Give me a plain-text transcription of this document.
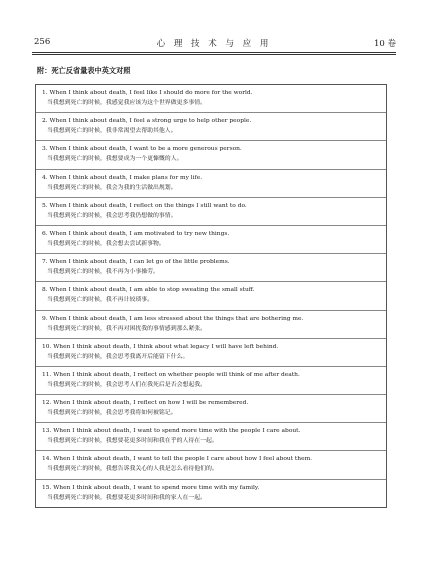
256	心 理 技 术 与 应 用	10 卷
附：死亡反省量表中英文对照
1. When I think about death, I feel like I should do more for the world.
当我想到死亡的时候，我感觉我应该为这个世界做更多事情。
2. When I think about death, I feel a strong urge to help other people.
当我想到死亡的时候，我非常渴望去帮助其他人。
3. When I think about death, I want to be a more generous person.
当我想到死亡的时候，我想要成为一个更慷慨的人。
4. When I think about death, I make plans for my life.
当我想到死亡的时候，我会为我的生活做出规划。
5. When I think about death, I reflect on the things I still want to do.
当我想到死亡的时候，我会思考我仍想做的事情。
6. When I think about death, I am motivated to try new things.
当我想到死亡的时候，我会想去尝试新事物。
7. When I think about death, I can let go of the little problems.
当我想到死亡的时候，我不再为小事操劳。
8. When I think about death, I am able to stop sweating the small stuff.
当我想到死亡的时候，我不再计较琐事。
9. When I think about death, I am less stressed about the things that are bothering me.
当我想到死亡的时候，我不再对困扰我的事情感到那么紧张。
10. When I think about death, I think about what legacy I will have left behind.
当我想到死亡的时候，我会思考我离开后能留下什么。
11. When I think about death, I reflect on whether people will think of me after death.
当我想到死亡的时候，我会思考人们在我死后是否会想起我。
12. When I think about death, I reflect on how I will be remembered.
当我想到死亡的时候，我会思考我将如何被铭记。
13. When I think about death, I want to spend more time with the people I care about.
当我想到死亡的时候，我想要花更多时间和我在乎的人待在一起。
14. When I think about death, I want to tell the people I care about how I feel about them.
当我想到死亡的时候，我想告诉我关心的人我是怎么看待他们的。
15. When I think about death, I want to spend more time with my family.
当我想到死亡的时候，我想要花更多时间和我的家人在一起。
